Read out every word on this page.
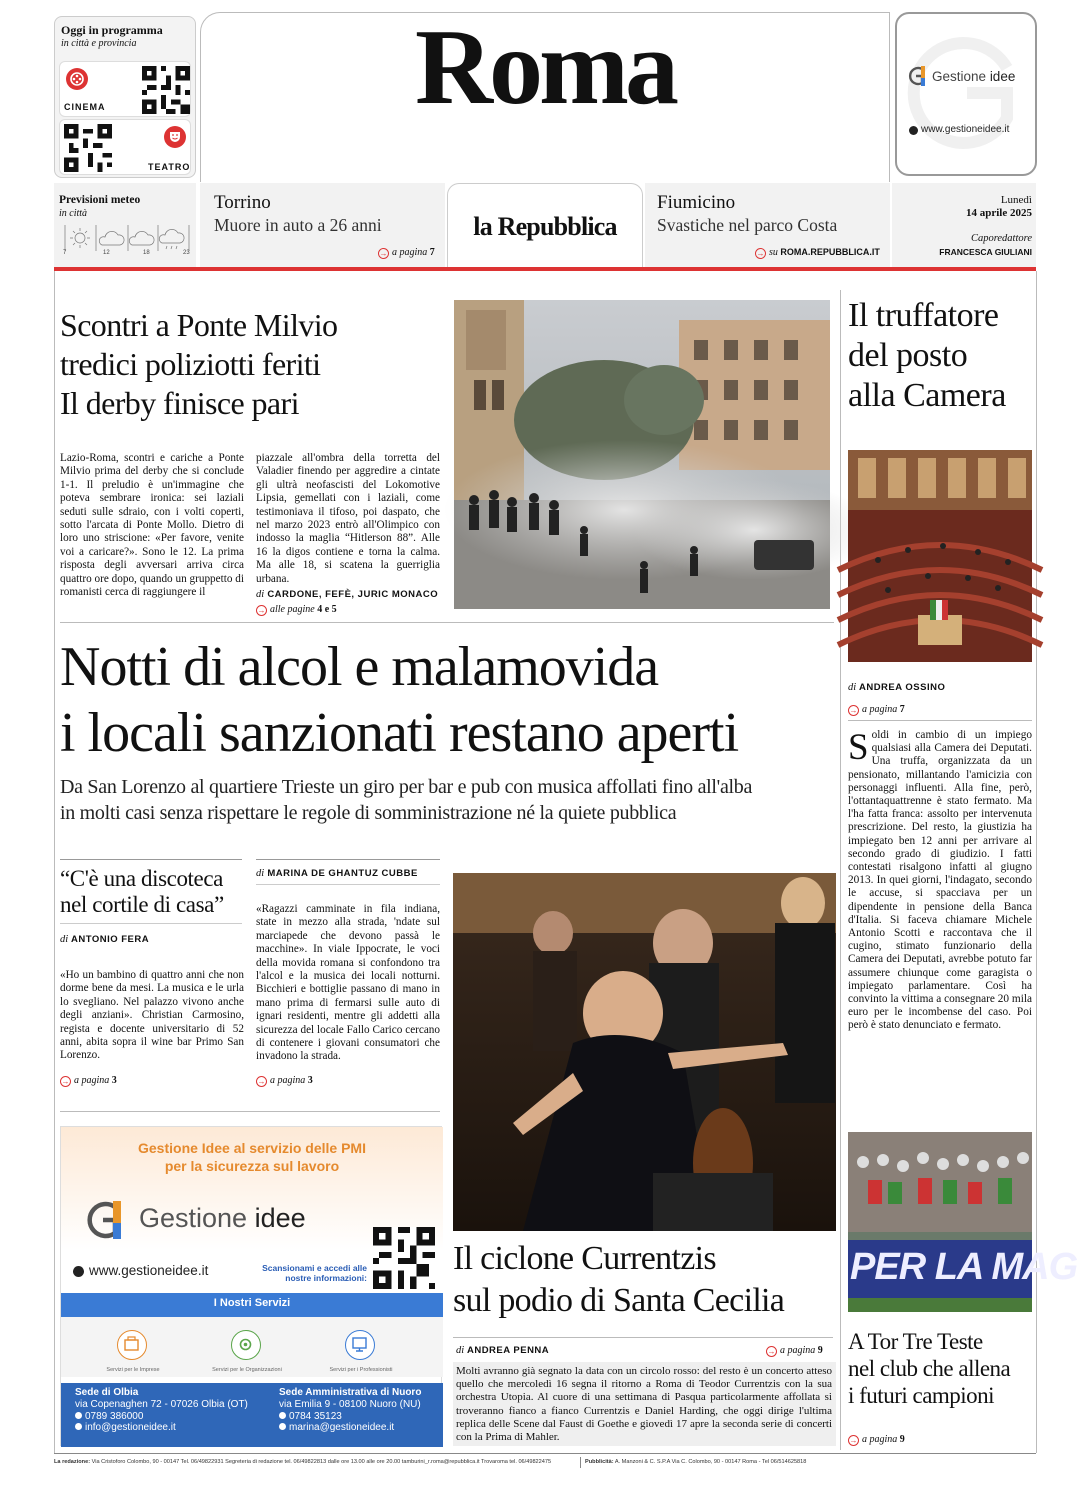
Oggi in programma
in città e provincia
CINEMA
TEATRO
Roma	Gestione idee
www.gestioneidee.it
Previsioni meteo
in città
7	12	18	23
Torrino
Muore in auto a 26 anni
→ a pagina 7
la Repubblica
Fiumicino
Svastiche nel parco Costa
→ su ROMA.REPUBBLICA.IT
Lunedì
14 aprile 2025
Caporedattore
FRANCESCA GIULIANI
Scontri a Ponte Milvio
tredici poliziotti feriti
Il derby finisce pari
Lazio-Roma, scontri e cariche a Ponte Milvio prima del derby che si conclude 1-1. Il preludio è un'immagine che poteva sembrare ironica: sei laziali seduti sulle sdraio, con i volti coperti, sotto l'arcata di Ponte Mollo. Dietro di loro uno striscione: «Per favore, venite voi a caricare?». Sono le 12. La prima risposta degli avversari arriva circa quattro ore dopo, quando un gruppetto di romanisti cerca di raggiungere il
piazzale all'ombra della torretta del Valadier finendo per aggredire a cintate gli ultrà neofascisti del Lokomotive Lipsia, gemellati con i laziali, come testimoniava il tifoso, poi daspato, che nel marzo 2023 entrò all'Olimpico con indosso la maglia “Hitlerson 88”. Alle 16 la digos contiene e torna la calma. Ma alle 18, si scatena la guerriglia urbana.
di CARDONE, FEFÈ, JURIC MONACO → alle pagine 4 e 5
Il truffatore
del posto
alla Camera
di ANDREA OSSINO
→ a pagina 7
S oldi in cambio di un impiego qualsiasi alla Camera dei Deputati. Una truffa, organizzata da un pensionato, millantando l'amicizia con personaggi influenti. Alla fine, però, l'ottantaquattrenne è stato fermato. Ma l'ha fatta franca: assolto per intervenuta prescrizione. Del resto, la giustizia ha impiegato ben 12 anni per arrivare al secondo grado di giudizio. I fatti contestati risalgono infatti al giugno 2013. In quei giorni, l'indagato, secondo le accuse, si spacciava per un dipendente in pensione della Banca d'Italia. Si faceva chiamare Michele Antonio Scotti e raccontava che il cugino, stimato funzionario della Camera dei Deputati, avrebbe potuto far assumere chiunque come garagista o impiegato parlamentare. Così ha convinto la vittima a consegnare 20 mila euro per le incombense del caso. Poi però è stato denunciato e fermato.
Notti di alcol e malamovida
i locali sanzionati restano aperti
Da San Lorenzo al quartiere Trieste un giro per bar e pub con musica affollati fino all'alba
in molti casi senza rispettare le regole di somministrazione né la quiete pubblica
“C'è una discoteca
nel cortile di casa”
di ANTONIO FERA
«Ho un bambino di quattro anni che non dorme bene da mesi. La musica e le urla lo svegliano. Nel palazzo vivono anche degli anziani». Christian Carmosino, regista e docente universitario di 52 anni, abita sopra il wine bar Primo San Lorenzo.
→ a pagina 3
di MARINA DE GHANTUZ CUBBE
«Ragazzi camminate in fila indiana, state in mezzo alla strada, 'ndate sul marciapede che devono passà le macchine». In viale Ippocrate, le voci della movida romana si confondono tra l'alcol e la musica dei locali notturni. Bicchieri e bottiglie passano di mano in mano prima di fermarsi sulle auto di ignari residenti, mentre gli addetti alla sicurezza del locale Fallo Carico cercano di contenere i giovani consumatori che invadono la strada.
→ a pagina 3
Il ciclone Currentzis
sul podio di Santa Cecilia
di ANDREA PENNA	→ a pagina 9
Molti avranno già segnato la data con un circolo rosso: del resto è un concerto atteso quello che mercoledì 16 segna il ritorno a Roma di Teodor Currentzis con la sua orchestra Utopia. Al cuore di una settimana di Pasqua particolarmente affollata si troveranno fianco a fianco Currentzis e Daniel Harding, che oggi dirige l'ultima replica delle Scene dal Faust di Goethe e giovedì 17 apre la seconda serie di concerti con la Prima di Mahler.
PER LA MAG
A Tor Tre Teste
nel club che allena
i futuri campioni
→ a pagina 9
Gestione Idee al servizio delle PMI
per la sicurezza sul lavoro
Gestione idee
www.gestioneidee.it	Scansionami e accedi alle nostre informazioni:
I Nostri Servizi
Servizi per le Imprese	Servizi per le Organizzazioni	Servizi per i Professionisti
Sede di Olbia
via Copenaghen 72 - 07026 Olbia (OT)
0789 386000
info@gestioneidee.it
Sede Amministrativa di Nuoro
via Emilia 9 - 08100 Nuoro (NU)
0784 35123
marina@gestioneidee.it
La redazione: Via Cristoforo Colombo, 90 - 00147 Tel. 06/49822931 Segreteria di redazione tel. 06/49822813 dalle ore 13.00 alle ore 20.00 tamburini_r.roma@repubblica.it Trovaroma tel. 06/49822475	Pubblicità: A. Manzoni & C. S.P.A Via C. Colombo, 90 - 00147 Roma - Tel 06/514625818
